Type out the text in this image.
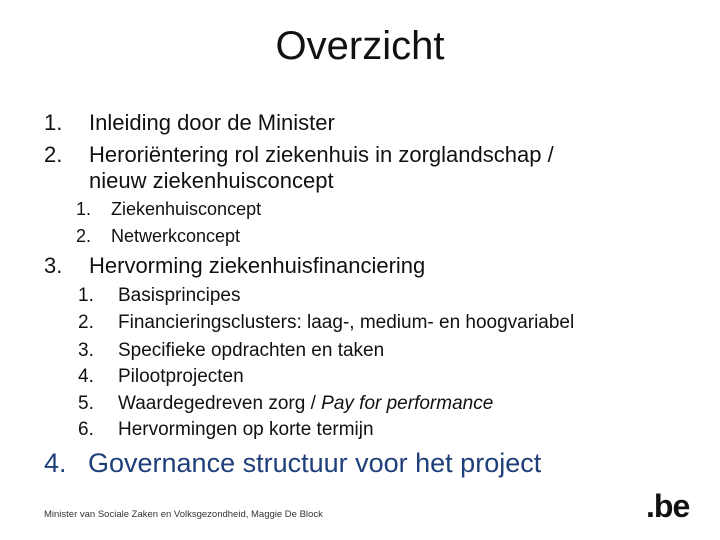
Overzicht
1. Inleiding door de Minister
2. Heroriëntering rol ziekenhuis in zorglandschap /
nieuw ziekenhuisconcept
1. Ziekenhuisconcept
2. Netwerkconcept
3. Hervorming ziekenhuisfinanciering
1. Basisprincipes
2. Financieringsclusters: laag-, medium- en hoogvariabel
3. Specifieke opdrachten en taken
4. Pilootprojecten
5. Waardegedreven zorg / Pay for performance
6. Hervormingen op korte termijn
4. Governance structuur voor het project
Minister van Sociale Zaken en Volksgezondheid, Maggie De Block	.be
